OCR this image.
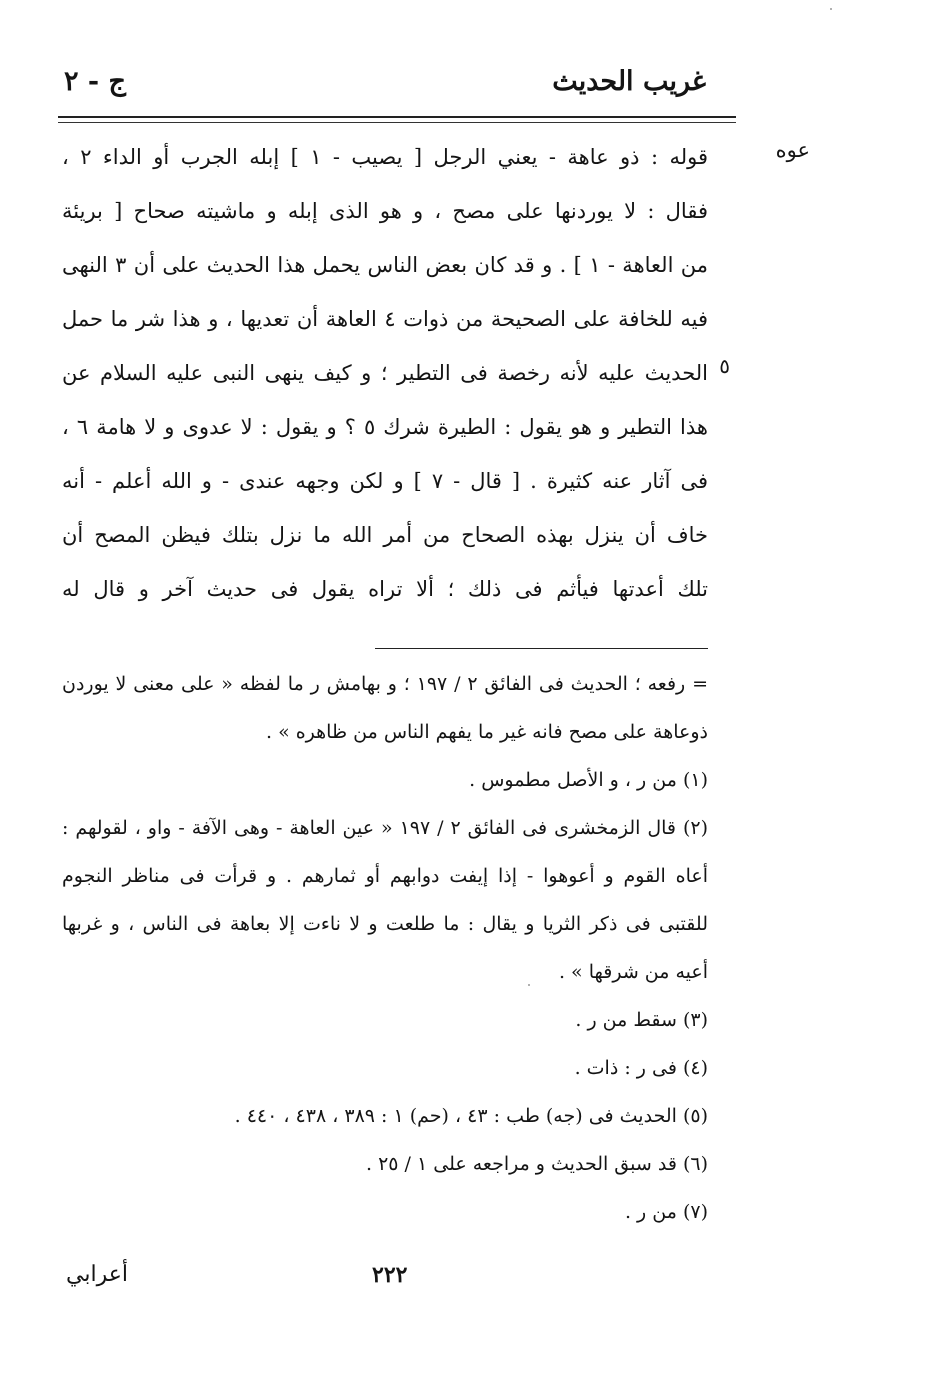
غريب الحديث
ج - ٢
عوه
٥
قوله : ذو عاهة - يعني الرجل [ يصيب - ١ ] إبله الجرب أو الداء ٢ ،
فقال : لا يوردنها على مصح ، و هو الذى إبله و ماشيته صحاح [ بريئة
من العاهة - ١ ] . و قد كان بعض الناس يحمل هذا الحديث على أن ٣ النهى
فيه للخافة على الصحيحة من ذوات ٤ العاهة أن تعديها ، و هذا شر ما حمل
الحديث عليه لأنه رخصة فى التطير ؛ و كيف ينهى النبى عليه السلام عن
هذا التطير و هو يقول : الطيرة شرك ٥ ؟ و يقول : لا عدوى و لا هامة ٦ ،
فى آثار عنه كثيرة . [ قال - ٧ ] و لكن وجهه عندى - و الله أعلم - أنه
خاف أن ينزل بهذه الصحاح من أمر الله ما نزل بتلك فيظن المصح أن
تلك أعدتها فيأثم فى ذلك ؛ ألا تراه يقول فى حديث آخر و قال له
= رفعه ؛ الحديث فى الفائق ٢ / ١٩٧ ؛ و بهامش ر ما لفظه « على معنى لا يوردن
ذوعاهة على مصح فانه غير ما يفهم الناس من ظاهره » .
(١) من ر ، و الأصل مطموس .
(٢) قال الزمخشرى فى الفائق ٢ / ١٩٧ « عين العاهة - وهى الآفة - واو ، لقولهم :
أعاه القوم و أعوهوا - إذا إيفت دوابهم أو ثمارهم . و قرأت فى مناظر النجوم
للقتبى فى ذكر الثريا و يقال : ما طلعت و لا ناءت إلا بعاهة فى الناس ، و غربها
أعيه من شرقها » .
(٣) سقط من ر .
(٤) فى ر : ذات .
(٥) الحديث فى (جه) طب : ٤٣ ، (حم) ١ : ٣٨٩ ، ٤٣٨ ، ٤٤٠ .
(٦) قد سبق الحديث و مراجعه على ١ / ٢٥ .
(٧) من ر .
٢٢٢
أعرابي
